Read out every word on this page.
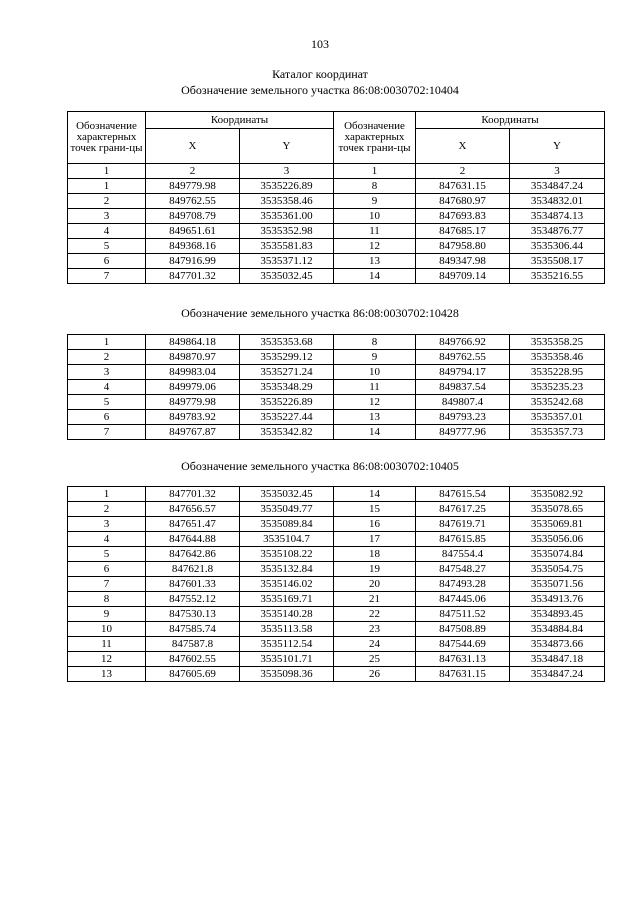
103
Каталог координат
Обозначение земельного участка 86:08:0030702:10404
Обозначение характерных точек грани-цы	Координаты		Обозначение характерных точек грани-цы	Координаты	
	X	Y		X	Y
1	2	3	1	2	3
1	849779.98	3535226.89	8	847631.15	3534847.24
2	849762.55	3535358.46	9	847680.97	3534832.01
3	849708.79	3535361.00	10	847693.83	3534874.13
4	849651.61	3535352.98	11	847685.17	3534876.77
5	849368.16	3535581.83	12	847958.80	3535306.44
6	847916.99	3535371.12	13	849347.98	3535508.17
7	847701.32	3535032.45	14	849709.14	3535216.55
Обозначение земельного участка 86:08:0030702:10428
1	849864.18	3535353.68	8	849766.92	3535358.25
2	849870.97	3535299.12	9	849762.55	3535358.46
3	849983.04	3535271.24	10	849794.17	3535228.95
4	849979.06	3535348.29	11	849837.54	3535235.23
5	849779.98	3535226.89	12	849807.4	3535242.68
6	849783.92	3535227.44	13	849793.23	3535357.01
7	849767.87	3535342.82	14	849777.96	3535357.73
Обозначение земельного участка 86:08:0030702:10405
1	847701.32	3535032.45	14	847615.54	3535082.92
2	847656.57	3535049.77	15	847617.25	3535078.65
3	847651.47	3535089.84	16	847619.71	3535069.81
4	847644.88	3535104.7	17	847615.85	3535056.06
5	847642.86	3535108.22	18	847554.4	3535074.84
6	847621.8	3535132.84	19	847548.27	3535054.75
7	847601.33	3535146.02	20	847493.28	3535071.56
8	847552.12	3535169.71	21	847445.06	3534913.76
9	847530.13	3535140.28	22	847511.52	3534893.45
10	847585.74	3535113.58	23	847508.89	3534884.84
11	847587.8	3535112.54	24	847544.69	3534873.66
12	847602.55	3535101.71	25	847631.13	3534847.18
13	847605.69	3535098.36	26	847631.15	3534847.24
